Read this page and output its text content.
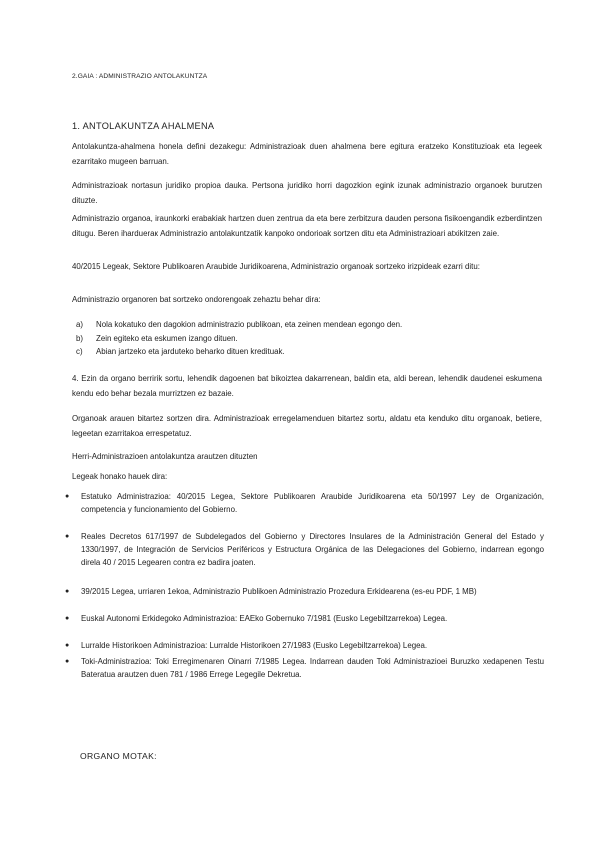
2.GAIA : ADMINISTRAZIO ANTOLAKUNTZA
1. ANTOLAKUNTZA AHALMENA
Antolakuntza-ahalmena honela defini dezakegu: Administrazioak duen ahalmena bere egitura eratzeko Konstituzioak eta legeek ezarritako mugeen barruan.
Administrazioak nortasun juridiko propioa dauka. Pertsona juridiko horri dagozkion egink izunak administrazio organoek burutzen dituzte.
Administrazio organoa, iraunkorki erabakiak hartzen duen zentrua da eta bere zerbitzura dauden persona fisikoengandik ezberdintzen ditugu. Beren ihardueraк Administrazio antolakuntzatik kanpoko ondorioak sortzen ditu eta Administrazioari atxikitzen zaie.
40/2015 Legeak, Sektore Publikoaren Araubide Juridikoarena, Administrazio organoak sortzeko irizpideak ezarri ditu:
Administrazio organoren bat sortzeko ondorengoak zehaztu behar dira:
a)	Nola kokatuko den dagokion administrazio publikoan, eta zeinen mendean egongo den.
b)	Zein egiteko eta eskumen izango dituen.
c)	Abian jartzeko eta jarduteko beharko dituen kredituak.
4. Ezin da organo berririk sortu, lehendik dagoenen bat bikoiztea dakarrenean, baldin eta, aldi berean, lehendik daudenei eskumena kendu edo behar bezala murriztzen ez bazaie.
Organoak arauen bitartez sortzen dira. Administrazioak erregelamenduen bitartez sortu, aldatu eta kenduko ditu organoak, betiere, legeetan ezarritakoa errespetatuz.
Herri-Administrazioen antolakuntza arautzen dituzten
Legeak honako hauek dira:
●	Estatuko Administrazioa: 40/2015 Legea, Sektore Publikoaren Araubide Juridikoarena eta 50/1997 Ley de Organización, competencia y funcionamiento del Gobierno.
●	Reales Decretos 617/1997 de Subdelegados del Gobierno y Directores Insulares de la Administración General del Estado y 1330/1997, de Integración de Servicios Periféricos y Estructura Orgánica de las Delegaciones del Gobierno, indarrean egongo direla 40 / 2015 Legearen contra ez badira joaten.
●	39/2015 Legea, urriaren 1ekoa, Administrazio Publikoen Administrazio Prozedura Erkidearena (es-eu PDF, 1 MB)
●	Euskal Autonomi Erkidegoko Administrazioa: EAEko Gobernuko 7/1981 (Eusko Legebiltzarrekoa) Legea.
●	Lurralde Historikoen Administrazioa: Lurralde Historikoen 27/1983 (Eusko Legebiltzarrekoa) Legea.
●	Toki-Administrazioa: Toki Erregimenaren Oinarri 7/1985 Legea. Indarrean dauden Toki Administrazioei Buruzko xedapenen Testu Bateratua arautzen duen 781 / 1986 Errege Legegile Dekretua.
ORGANO MOTAK:
